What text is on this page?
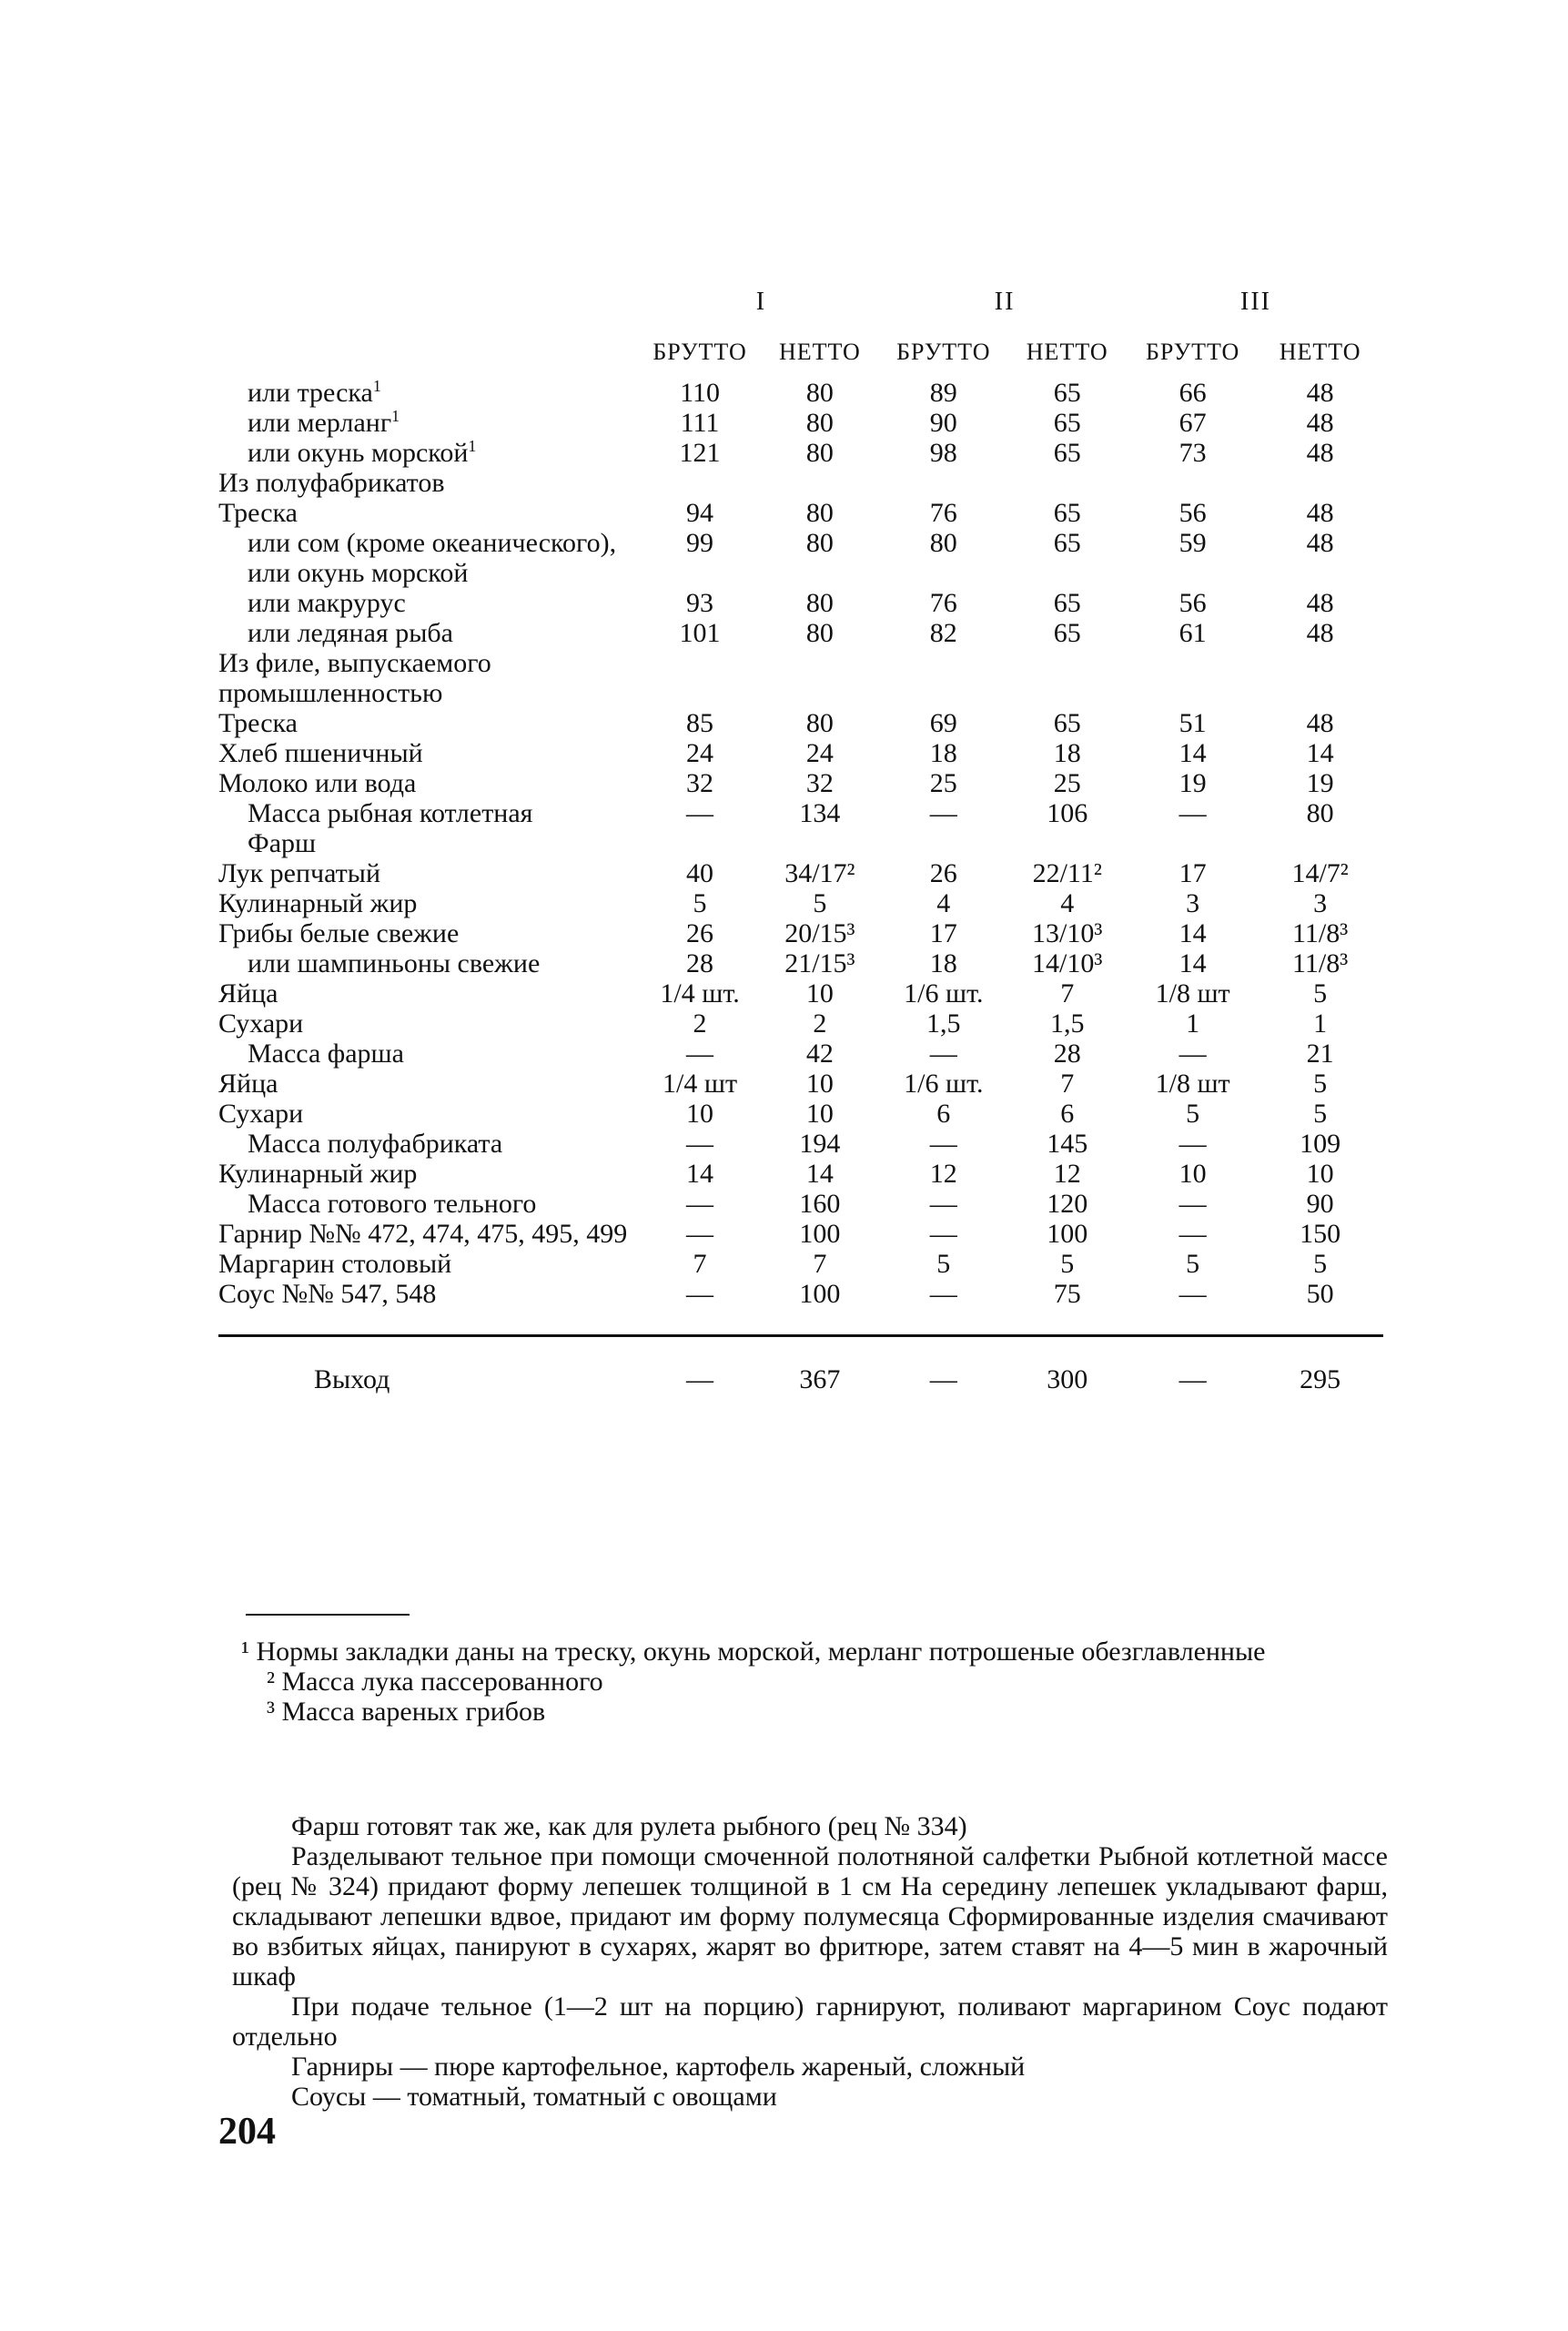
	I		II		III	
	БРУТТО	НЕТТО	БРУТТО	НЕТТО	БРУТТО	НЕТТО
или треска$^1$	110	80	89	65	66	48
или мерланг$^1$	111	80	90	65	67	48
или окунь морской$^1$	121	80	98	65	73	48
Из полуфабрикатов						
Треска	94	80	76	65	56	48
или сом (кроме океанического), или окунь морской	99	80	80	65	59	48
или макрурус	93	80	76	65	56	48
или ледяная рыба	101	80	82	65	61	48
Из филе, выпускаемого промышленностью						
Треска	85	80	69	65	51	48
Хлеб пшеничный	24	24	18	18	14	14
Молоко или вода	32	32	25	25	19	19
Масса рыбная котлетная	—	134	—	106	—	80
Фарш						
Лук репчатый	40	34/17²	26	22/11²	17	14/7²
Кулинарный жир	5	5	4	4	3	3
Грибы белые свежие	26	20/15³	17	13/10³	14	11/8³
или шампиньоны свежие	28	21/15³	18	14/10³	14	11/8³
Яйца	1/4 шт.	10	1/6 шт.	7	1/8 шт	5
Сухари	2	2	1,5	1,5	1	1
Масса фарша	—	42	—	28	—	21
Яйца	1/4 шт	10	1/6 шт.	7	1/8 шт	5
Сухари	10	10	6	6	5	5
Масса полуфабриката	—	194	—	145	—	109
Кулинарный жир	14	14	12	12	10	10
Масса готового тельного	—	160	—	120	—	90
Гарнир №№ 472, 474, 475, 495, 499	—	100	—	100	—	150
Маргарин столовый	7	7	5	5	5	5
Соус №№ 547, 548	—	100	—	75	—	50

Выход	—	367	—	300	—	295

¹ Нормы закладки даны на треску, окунь морской, мерланг потрошеные обезглавленные

² Масса лука пассерованного

³ Масса вареных грибов

Фарш готовят так же, как для рулета рыбного (рец № 334)

Разделывают тельное при помощи смоченной полотняной салфетки Рыбной котлетной массе (рец № 324) придают форму лепешек толщиной в 1 см На середину лепешек укладывают фарш, складывают лепешки вдвое, придают им форму полумесяца Сформированные изделия смачивают во взбитых яйцах, панируют в сухарях, жарят во фритюре, затем ставят на 4—5 мин в жарочный шкаф

При подаче тельное (1—2 шт на порцию) гарнируют, поливают маргарином Соус подают отдельно

Гарниры — пюре картофельное, картофель жареный, сложный

Соусы — томатный, томатный с овощами

204
